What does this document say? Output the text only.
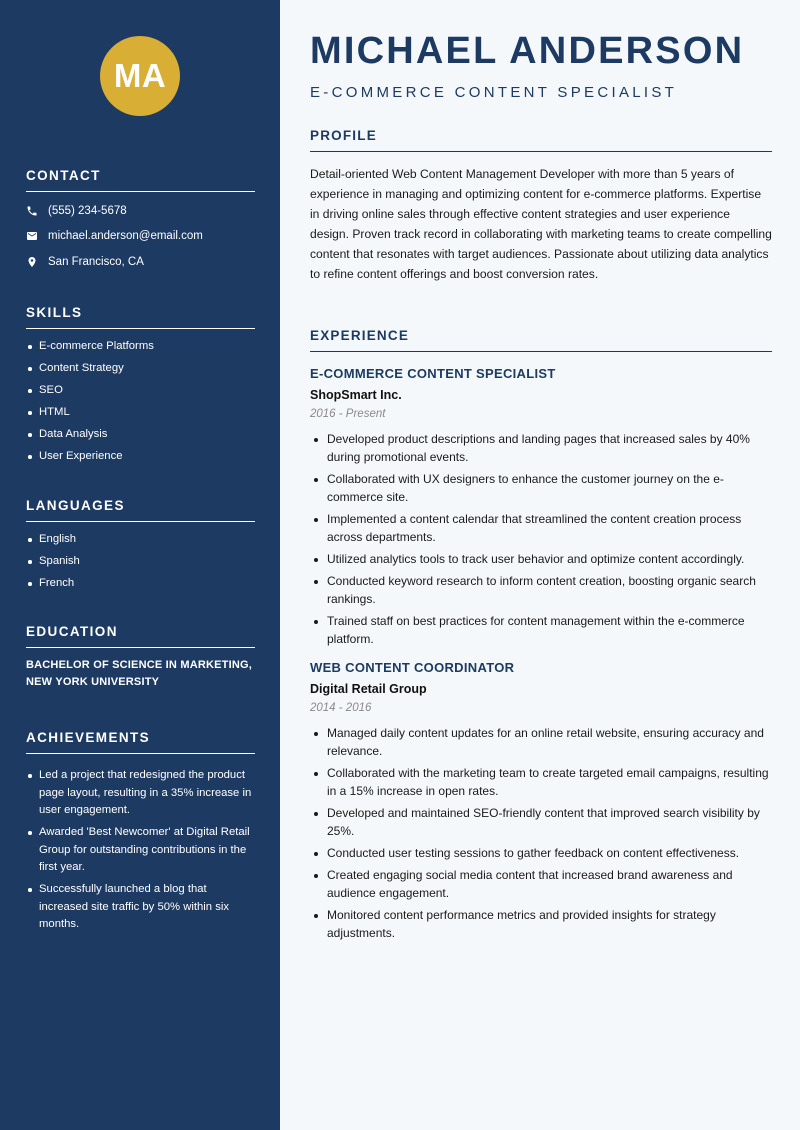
MA
CONTACT
(555) 234-5678
michael.anderson@email.com
San Francisco, CA
SKILLS
E-commerce Platforms
Content Strategy
SEO
HTML
Data Analysis
User Experience
LANGUAGES
English
Spanish
French
EDUCATION
BACHELOR OF SCIENCE IN MARKETING, NEW YORK UNIVERSITY
ACHIEVEMENTS
Led a project that redesigned the product page layout, resulting in a 35% increase in user engagement.
Awarded 'Best Newcomer' at Digital Retail Group for outstanding contributions in the first year.
Successfully launched a blog that increased site traffic by 50% within six months.
MICHAEL ANDERSON
E-COMMERCE CONTENT SPECIALIST
PROFILE

Detail-oriented Web Content Management Developer with more than 5 years of experience in managing and optimizing content for e-commerce platforms. Expertise in driving online sales through effective content strategies and user experience design. Proven track record in collaborating with marketing teams to create compelling content that resonates with target audiences. Passionate about utilizing data analytics to refine content offerings and boost conversion rates.

EXPERIENCE
E-COMMERCE CONTENT SPECIALIST
ShopSmart Inc.
2016 - Present
Developed product descriptions and landing pages that increased sales by 40% during promotional events.
Collaborated with UX designers to enhance the customer journey on the e-commerce site.
Implemented a content calendar that streamlined the content creation process across departments.
Utilized analytics tools to track user behavior and optimize content accordingly.
Conducted keyword research to inform content creation, boosting organic search rankings.
Trained staff on best practices for content management within the e-commerce platform.
WEB CONTENT COORDINATOR
Digital Retail Group
2014 - 2016
Managed daily content updates for an online retail website, ensuring accuracy and relevance.
Collaborated with the marketing team to create targeted email campaigns, resulting in a 15% increase in open rates.
Developed and maintained SEO-friendly content that improved search visibility by 25%.
Conducted user testing sessions to gather feedback on content effectiveness.
Created engaging social media content that increased brand awareness and audience engagement.
Monitored content performance metrics and provided insights for strategy adjustments.
